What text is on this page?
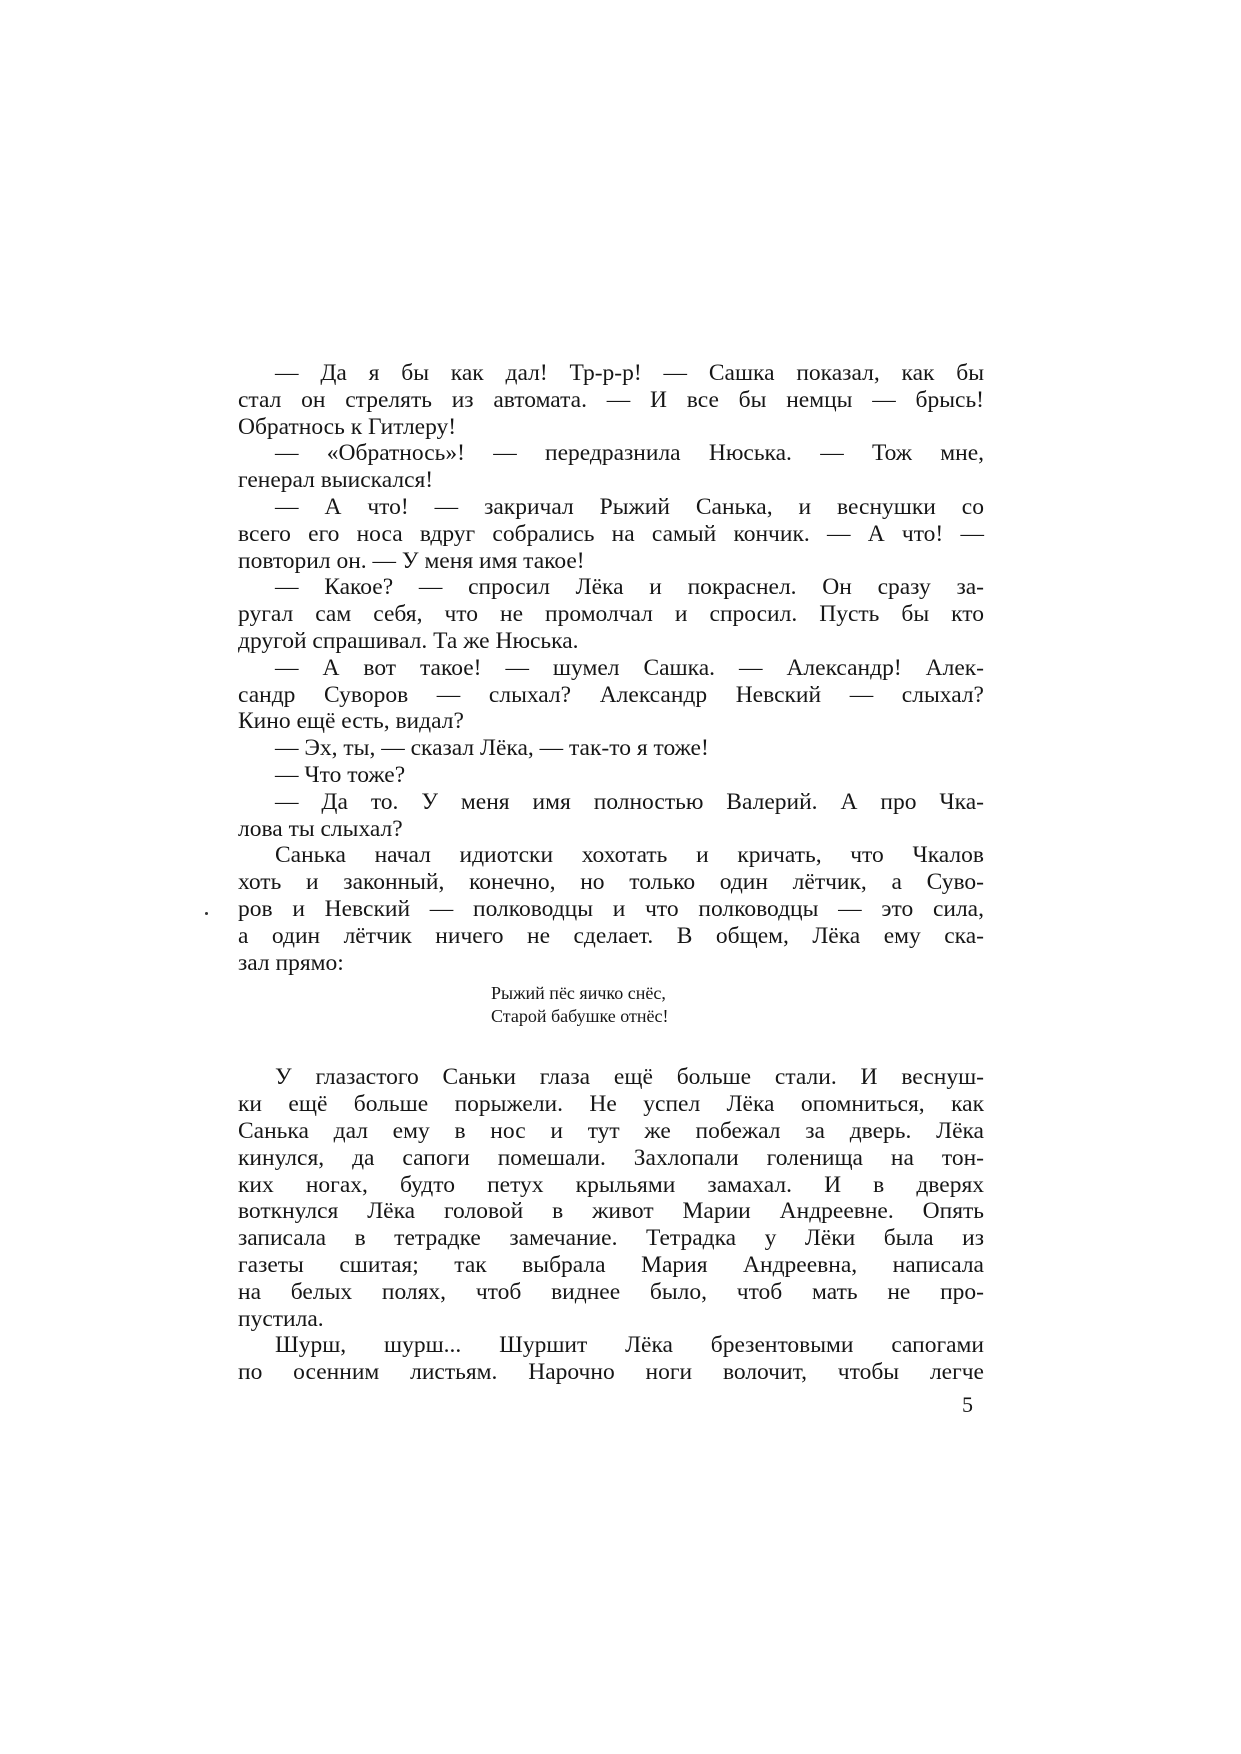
— Да я бы как дал! Тр-р-р! — Сашка показал, как бы
стал он стрелять из автомата. — И все бы немцы — брысь!
Обратнось к Гитлеру!
— «Обратнось»! — передразнила Нюська. — Тож мне,
генерал выискался!
— А что! — закричал Рыжий Санька, и веснушки со
всего его носа вдруг собрались на самый кончик. — А что! —
повторил он. — У меня имя такое!
— Какое? — спросил Лёка и покраснел. Он сразу за-
ругал сам себя, что не промолчал и спросил. Пусть бы кто
другой спрашивал. Та же Нюська.
— А вот такое! — шумел Сашка. — Александр! Алек-
сандр Суворов — слыхал? Александр Невский — слыхал?
Кино ещё есть, видал?
— Эх, ты, — сказал Лёка, — так-то я тоже!
— Что тоже?
— Да то. У меня имя полностью Валерий. А про Чка-
лова ты слыхал?
Санька начал идиотски хохотать и кричать, что Чкалов
хоть и законный, конечно, но только один лётчик, а Суво-
ров и Невский — полководцы и что полководцы — это сила,
а один лётчик ничего не сделает. В общем, Лёка ему ска-
зал прямо:
Рыжий пёс яичко снёс,
Старой бабушке отнёс!
У глазастого Саньки глаза ещё больше стали. И веснуш-
ки ещё больше порыжели. Не успел Лёка опомниться, как
Санька дал ему в нос и тут же побежал за дверь. Лёка
кинулся, да сапоги помешали. Захлопали голенища на тон-
ких ногах, будто петух крыльями замахал. И в дверях
воткнулся Лёка головой в живот Марии Андреевне. Опять
записала в тетрадке замечание. Тетрадка у Лёки была из
газеты сшитая; так выбрала Мария Андреевна, написала
на белых полях, чтоб виднее было, чтоб мать не про-
пустила.
Шурш, шурш... Шуршит Лёка брезентовыми сапогами
по осенним листьям. Нарочно ноги волочит, чтобы легче
5
